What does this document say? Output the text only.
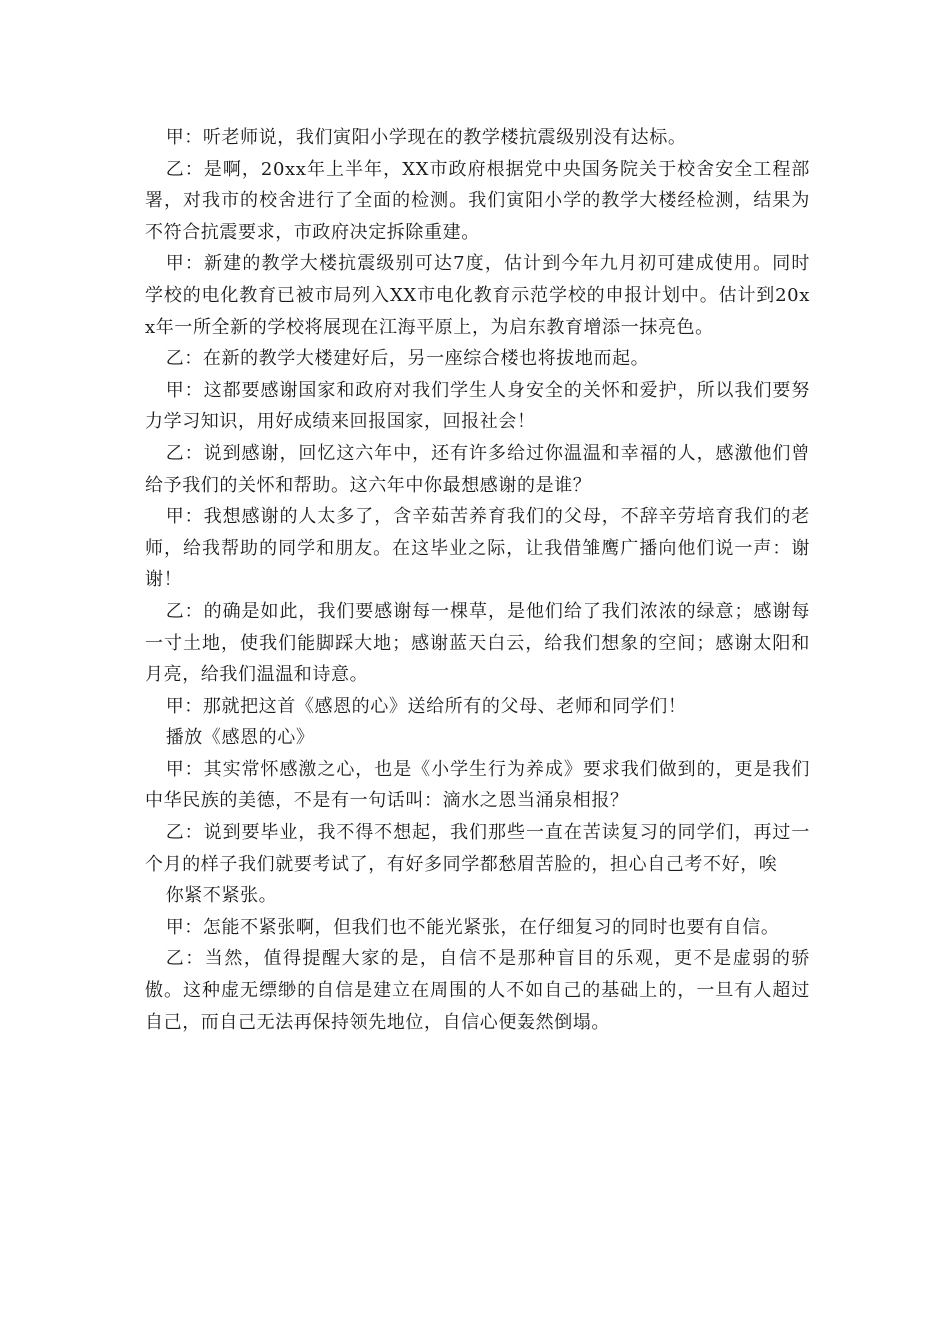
甲：听老师说，我们寅阳小学现在的教学楼抗震级别没有达标。

乙：是啊，20xx年上半年，XX市政府根据党中央国务院关于校舍安全工程部署，对我市的校舍进行了全面的检测。我们寅阳小学的教学大楼经检测，结果为不符合抗震要求，市政府决定拆除重建。

甲：新建的教学大楼抗震级别可达7度，估计到今年九月初可建成使用。同时学校的电化教育已被市局列入XX市电化教育示范学校的申报计划中。估计到20xx年一所全新的学校将展现在江海平原上，为启东教育增添一抹亮色。

乙：在新的教学大楼建好后，另一座综合楼也将拔地而起。

甲：这都要感谢国家和政府对我们学生人身安全的关怀和爱护，所以我们要努力学习知识，用好成绩来回报国家，回报社会！

乙：说到感谢，回忆这六年中，还有许多给过你温温和幸福的人，感激他们曾给予我们的关怀和帮助。这六年中你最想感谢的是谁？

甲：我想感谢的人太多了，含辛茹苦养育我们的父母，不辞辛劳培育我们的老师，给我帮助的同学和朋友。在这毕业之际，让我借雏鹰广播向他们说一声：谢谢！

乙：的确是如此，我们要感谢每一棵草，是他们给了我们浓浓的绿意；感谢每一寸土地，使我们能脚踩大地；感谢蓝天白云，给我们想象的空间；感谢太阳和月亮，给我们温温和诗意。

甲：那就把这首《感恩的心》送给所有的父母、老师和同学们！

播放《感恩的心》

甲：其实常怀感激之心，也是《小学生行为养成》要求我们做到的，更是我们中华民族的美德，不是有一句话叫：滴水之恩当涌泉相报？

乙：说到要毕业，我不得不想起，我们那些一直在苦读复习的同学们，再过一个月的样子我们就要考试了，有好多同学都愁眉苦脸的，担心自己考不好，唉

你紧不紧张。

甲：怎能不紧张啊，但我们也不能光紧张，在仔细复习的同时也要有自信。

乙：当然，值得提醒大家的是，自信不是那种盲目的乐观，更不是虚弱的骄傲。这种虚无缥缈的自信是建立在周围的人不如自己的基础上的，一旦有人超过自己，而自己无法再保持领先地位，自信心便轰然倒塌。
